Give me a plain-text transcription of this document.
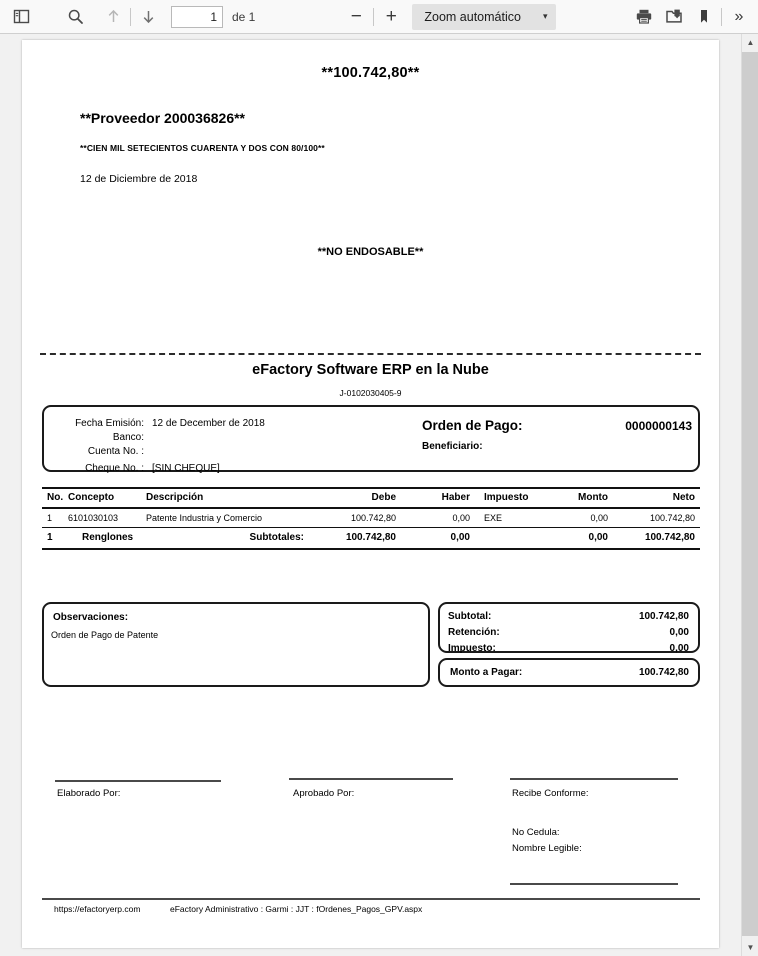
1
de 1	− + Zoom automático ▾	»
**100.742,80**
**Proveedor 200036826**
**CIEN MIL SETECIENTOS CUARENTA Y DOS CON 80/100**
12 de Diciembre de 2018
**NO ENDOSABLE**
eFactory Software ERP en la Nube
J-0102030405-9
Fecha Emisión: 12 de December de 2018
Banco:
Cuenta No. :
Cheque No. : [SIN CHEQUE]
Orden de Pago:	0000000143
Beneficiario:
No.	Concepto	Descripción	Debe	Haber	Impuesto	Monto	Neto
1	6101030103	Patente Industria y Comercio	100.742,80	0,00	EXE	0,00	100.742,80
1	Renglones	Subtotales:	100.742,80	0,00		0,00	100.742,80
Observaciones:
Orden de Pago de Patente
Subtotal:	100.742,80
Retención:	0,00
Impuesto:	0,00
Monto a Pagar:	100.742,80
Elaborado Por:	Aprobado Por:	Recibe Conforme:
No Cedula:
Nombre Legible:
https://efactoryerp.com	eFactory Administrativo : Garmi : JJT : fOrdenes_Pagos_GPV.aspx
▲
▼
